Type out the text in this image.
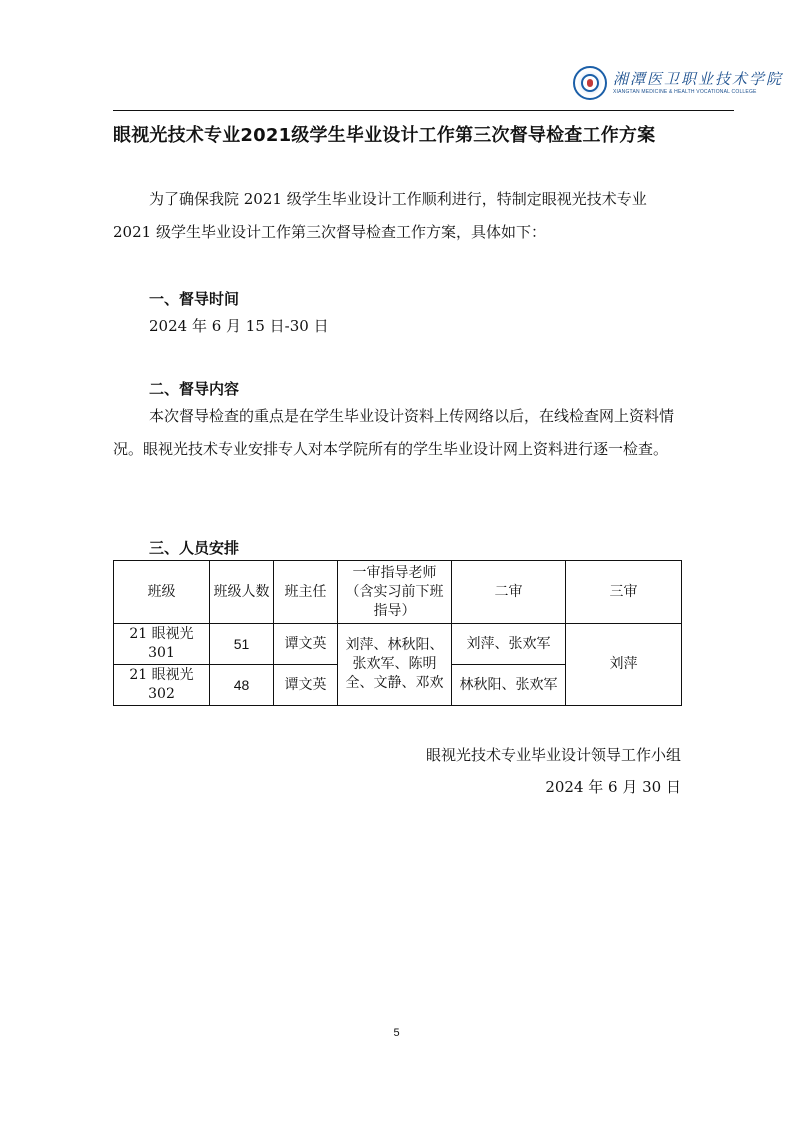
湘潭医卫职业技术学院
XIANGTAN MEDICINE & HEALTH VOCATIONAL COLLEGE
眼视光技术专业2021级学生毕业设计工作第三次督导检查工作方案
为了确保我院 2021 级学生毕业设计工作顺利进行，特制定眼视光技术专业 2021 级学生毕业设计工作第三次督导检查工作方案，具体如下：
一、督导时间
2024 年 6 月 15 日-30 日
二、督导内容
本次督导检查的重点是在学生毕业设计资料上传网络以后，在线检查网上资料情况。眼视光技术专业安排专人对本学院所有的学生毕业设计网上资料进行逐一检查。
三、人员安排
班级	班级人数	班主任	一审指导老师（含实习前下班指导）	二审	三审
21 眼视光 301	51	谭文英	刘萍、林秋阳、张欢军、陈明全、文静、邓欢	刘萍、张欢军	刘萍
21 眼视光 302	48	谭文英		林秋阳、张欢军	
眼视光技术专业毕业设计领导工作小组
2024 年 6 月 30 日
5
